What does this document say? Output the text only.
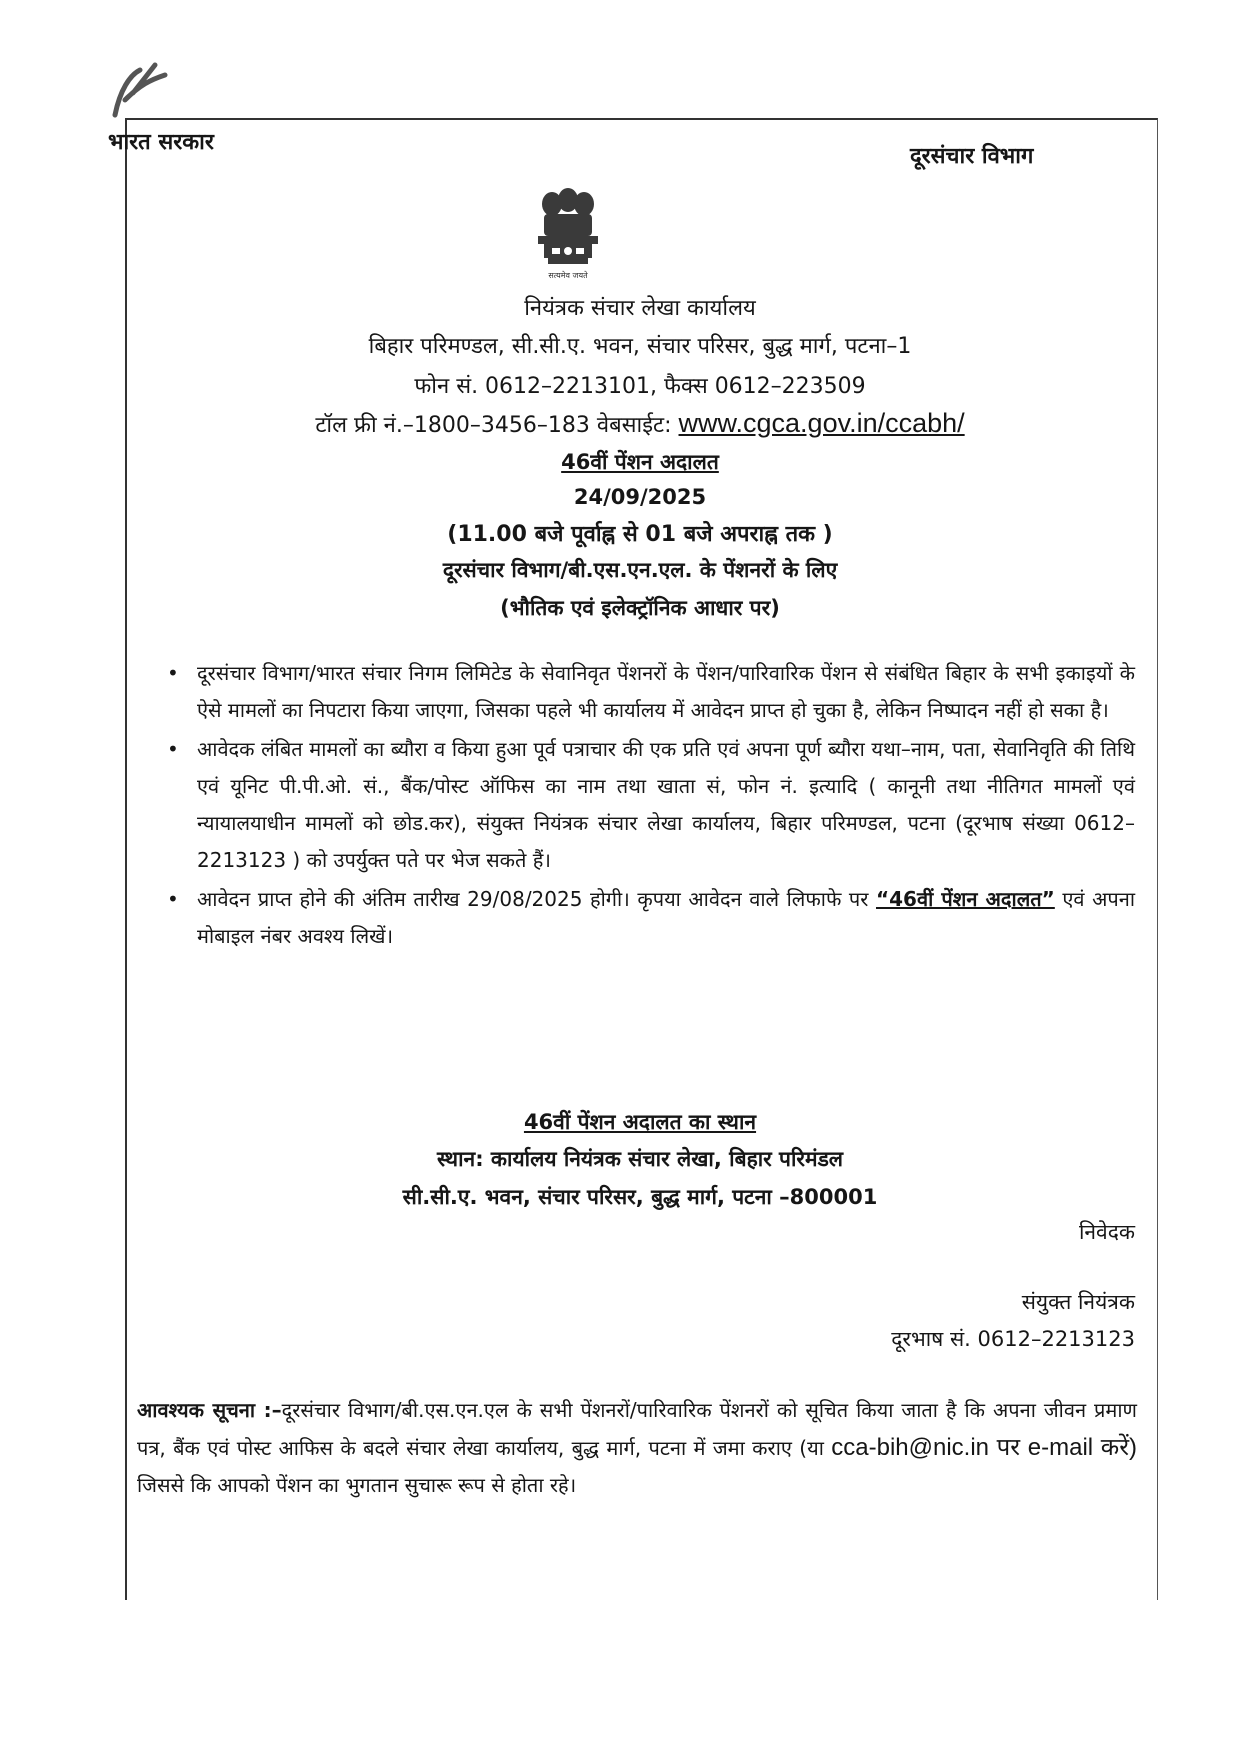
भारत सरकार
दूरसंचार विभाग
सत्यमेव जयते
नियंत्रक संचार लेखा कार्यालय
बिहार परिमण्डल, सी.सी.ए. भवन, संचार परिसर, बुद्ध मार्ग, पटना–1
फोन सं. 0612–2213101, फैक्स 0612–223509
टॉल फ्री नं.–1800–3456–183 वेबसाईट: www.cgca.gov.in/ccabh/
46वीं पेंशन अदालत
24/09/2025
(11.00 बजे पूर्वाह्न से 01 बजे अपराह्न तक )
दूरसंचार विभाग/बी.एस.एन.एल. के पेंशनरों के लिए
(भौतिक एवं इलेक्ट्रॉनिक आधार पर)
• दूरसंचार विभाग/भारत संचार निगम लिमिटेड के सेवानिवृत पेंशनरों के पेंशन/पारिवारिक पेंशन से संबंधित बिहार के सभी इकाइयों के ऐसे मामलों का निपटारा किया जाएगा, जिसका पहले भी कार्यालय में आवेदन प्राप्त हो चुका है, लेकिन निष्पादन नहीं हो सका है।
• आवेदक लंबित मामलों का ब्यौरा व किया हुआ पूर्व पत्राचार की एक प्रति एवं अपना पूर्ण ब्यौरा यथा–नाम, पता, सेवानिवृति की तिथि एवं यूनिट पी.पी.ओ. सं., बैंक/पोस्ट ऑफिस का नाम तथा खाता सं, फोन नं. इत्यादि ( कानूनी तथा नीतिगत मामलों एवं न्यायालयाधीन मामलों को छोड.कर), संयुक्त नियंत्रक संचार लेखा कार्यालय, बिहार परिमण्डल, पटना (दूरभाष संख्या 0612–2213123 ) को उपर्युक्त पते पर भेज सकते हैं।
• आवेदन प्राप्त होने की अंतिम तारीख 29/08/2025 होगी। कृपया आवेदन वाले लिफाफे पर “46वीं पेंशन अदालत” एवं अपना मोबाइल नंबर अवश्य लिखें।
46वीं पेंशन अदालत का स्थान
स्थान: कार्यालय नियंत्रक संचार लेखा, बिहार परिमंडल
सी.सी.ए. भवन, संचार परिसर, बुद्ध मार्ग, पटना –800001
निवेदक
संयुक्त नियंत्रक
दूरभाष सं. 0612–2213123
आवश्यक सूचना :–दूरसंचार विभाग/बी.एस.एन.एल के सभी पेंशनरों/पारिवारिक पेंशनरों को सूचित किया जाता है कि अपना जीवन प्रमाण पत्र, बैंक एवं पोस्ट आफिस के बदले संचार लेखा कार्यालय, बुद्ध मार्ग, पटना में जमा कराए (या cca-bih@nic.in पर e-mail करें) जिससे कि आपको पेंशन का भुगतान सुचारू रूप से होता रहे।
